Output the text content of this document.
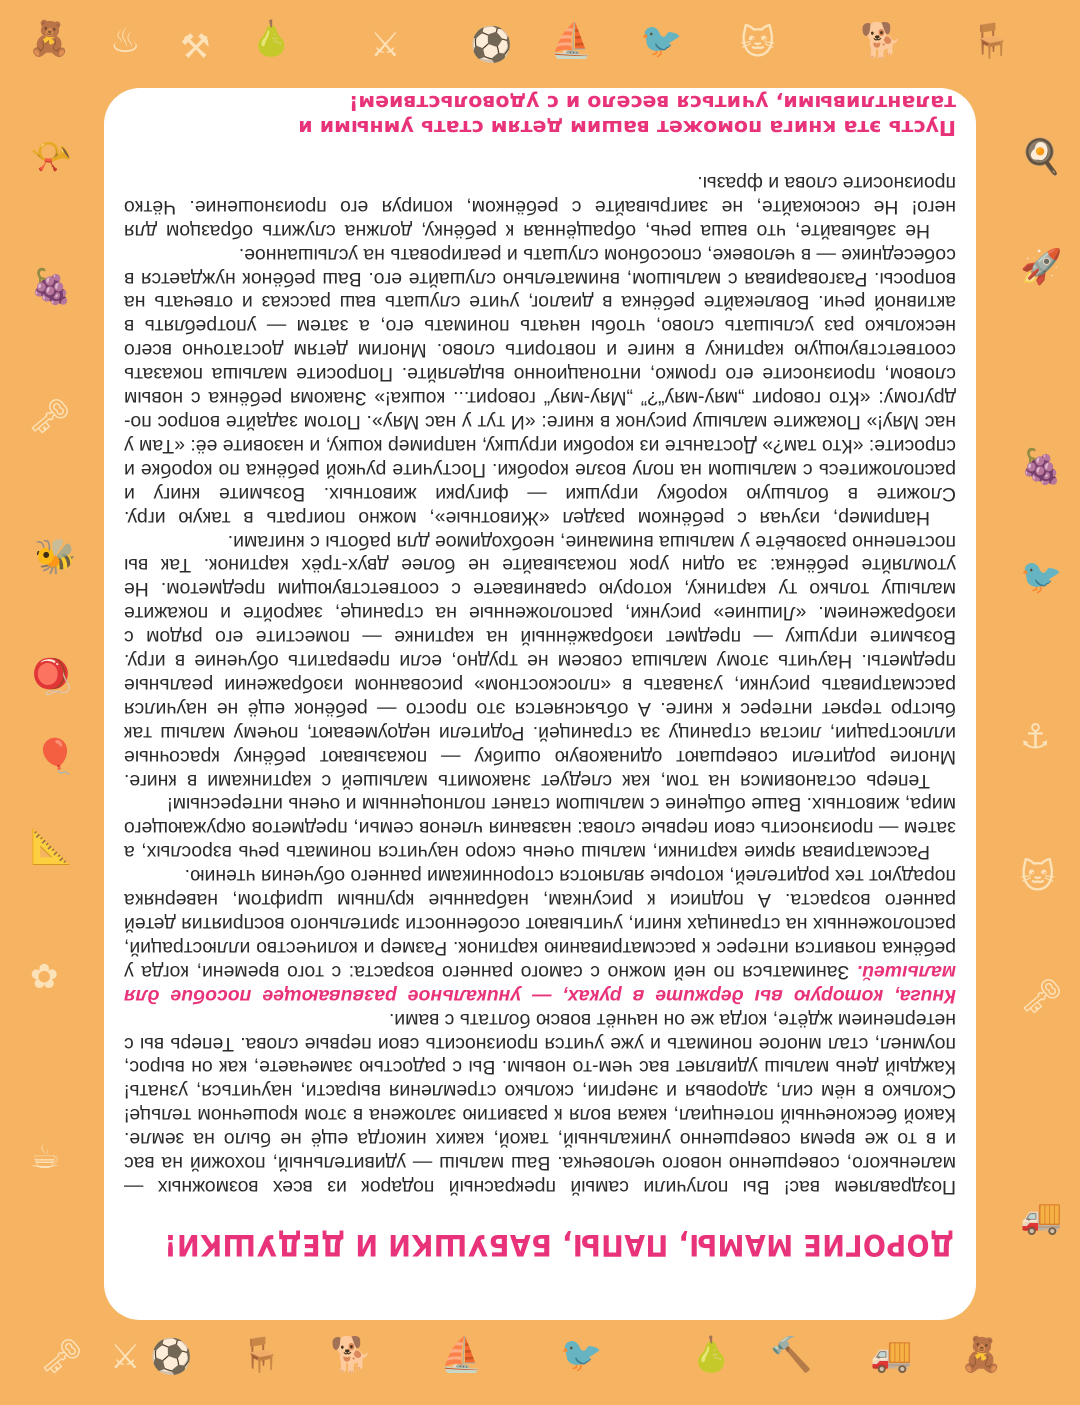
🧸 ♨ ⚒ 🍐 ⚔ ⚽ ⛵ 🐦 🐱 🐕 🪑
📯
🍇
🗝
🐝
🪀
🎈
📐
✿
☕
🍳
🚀
🍇
🐦
⚓
🐱
🗝
🚚
🗝 ⚔ ⚽ 🪑 🐕 ⛵ 🐦	🍐 🔨 🚚 🧸
ДОРОГИЕ МАМЫ, ПАПЫ, БАБУШКИ И ДЕДУШКИ!

Поздравляем вас! Вы получили самый прекрасный подарок из всех возможных — маленького, совершенно нового человечка. Ваш малыш — удивительный, похожий на вас и в то же время совершенно уникальный, такой, каких никогда ещё не было на земле. Какой бесконечный потенциал, какая воля к развитию заложена в этом крошечном тельце! Сколько в нём сил, здоровья и энергии, сколько стремления вырасти, научиться, узнать! Каждый день малыш удивляет вас чем-то новым. Вы с радостью замечаете, как он вырос, поумнел, стал многое понимать и уже учится произносить свои первые слова. Теперь вы с нетерпением ждёте, когда же он начнёт вовсю болтать с вами.

Книга, которую вы держите в руках, — уникальное развивающее пособие для малышей. Заниматься по ней можно с самого раннего возраста: с того времени, когда у ребёнка появится интерес к рассматриванию картинок. Размер и количество иллюстраций, расположенных на страницах книги, учитывают особенности зрительного восприятия детей раннего возраста. А подписи к рисункам, набранные крупным шрифтом, наверняка порадуют тех родителей, которые являются сторонниками раннего обучения чтению.

Рассматривая яркие картинки, малыш очень скоро научится понимать речь взрослых, а затем — произносить свои первые слова: названия членов семьи, предметов окружающего мира, животных. Ваше общение с малышом станет полноценным и очень интересным!

Теперь остановимся на том, как следует знакомить малышей с картинками в книге. Многие родители совершают одинаковую ошибку — показывают ребёнку красочные иллюстрации, листая страницу за страницей. Родители недоумевают, почему малыш так быстро теряет интерес к книге. А объясняется это просто — ребёнок ещё не научился рассматривать рисунки, узнавать в «плоскостном» рисованном изображении реальные предметы. Научить этому малыша совсем не трудно, если превратить обучение в игру. Возьмите игрушку — предмет изображённый на картинке — поместите его рядом с изображением. «Лишние» рисунки, расположенные на странице, закройте и покажите малышу только ту картинку, которую сравниваете с соответствующим предметом. Не утомляйте ребёнка: за один урок показывайте не более двух-трёх картинок. Так вы постепенно разовьёте у малыша внимание, необходимое для работы с книгами.

Например, изучая с ребёнком раздел «Животные», можно поиграть в такую игру. Сложите в большую коробку игрушки — фигурки животных. Возьмите книгу и расположитесь с малышом на полу возле коробки. Постучите ручкой ребёнка по коробке и спросите: «Кто там?» Достаньте из коробки игрушку, например кошку, и назовите её: «Там у нас Мяу!» Покажите малышу рисунок в книге: «И тут у нас Мяу». Потом задайте вопрос по-другому: «Кто говорит „мяу-мяу“?” „Мяу-мяу“ говорит... кошка!» Знакомя ребёнка с новым словом, произносите его громко, интонационно выделяйте. Попросите малыша показать соответствующую картинку в книге и повторить слово. Многим детям достаточно всего несколько раз услышать слово, чтобы начать понимать его, а затем — употреблять в активной речи. Вовлекайте ребёнка в диалог, учите слушать ваш рассказ и отвечать на вопросы. Разговаривая с малышом, внимательно слушайте его. Ваш ребёнок нуждается в собеседнике — в человеке, способном слушать и реагировать на услышанное.

Не забывайте, что ваша речь, обращённая к ребёнку, должна служить образцом для него! Не сюсюкайте, не заигрывайте с ребёнком, копируя его произношение. Чётко произносите слова и фразы.

Пусть эта книга поможет вашим детям стать умными и талантливыми, учиться весело и с удовольствием!
